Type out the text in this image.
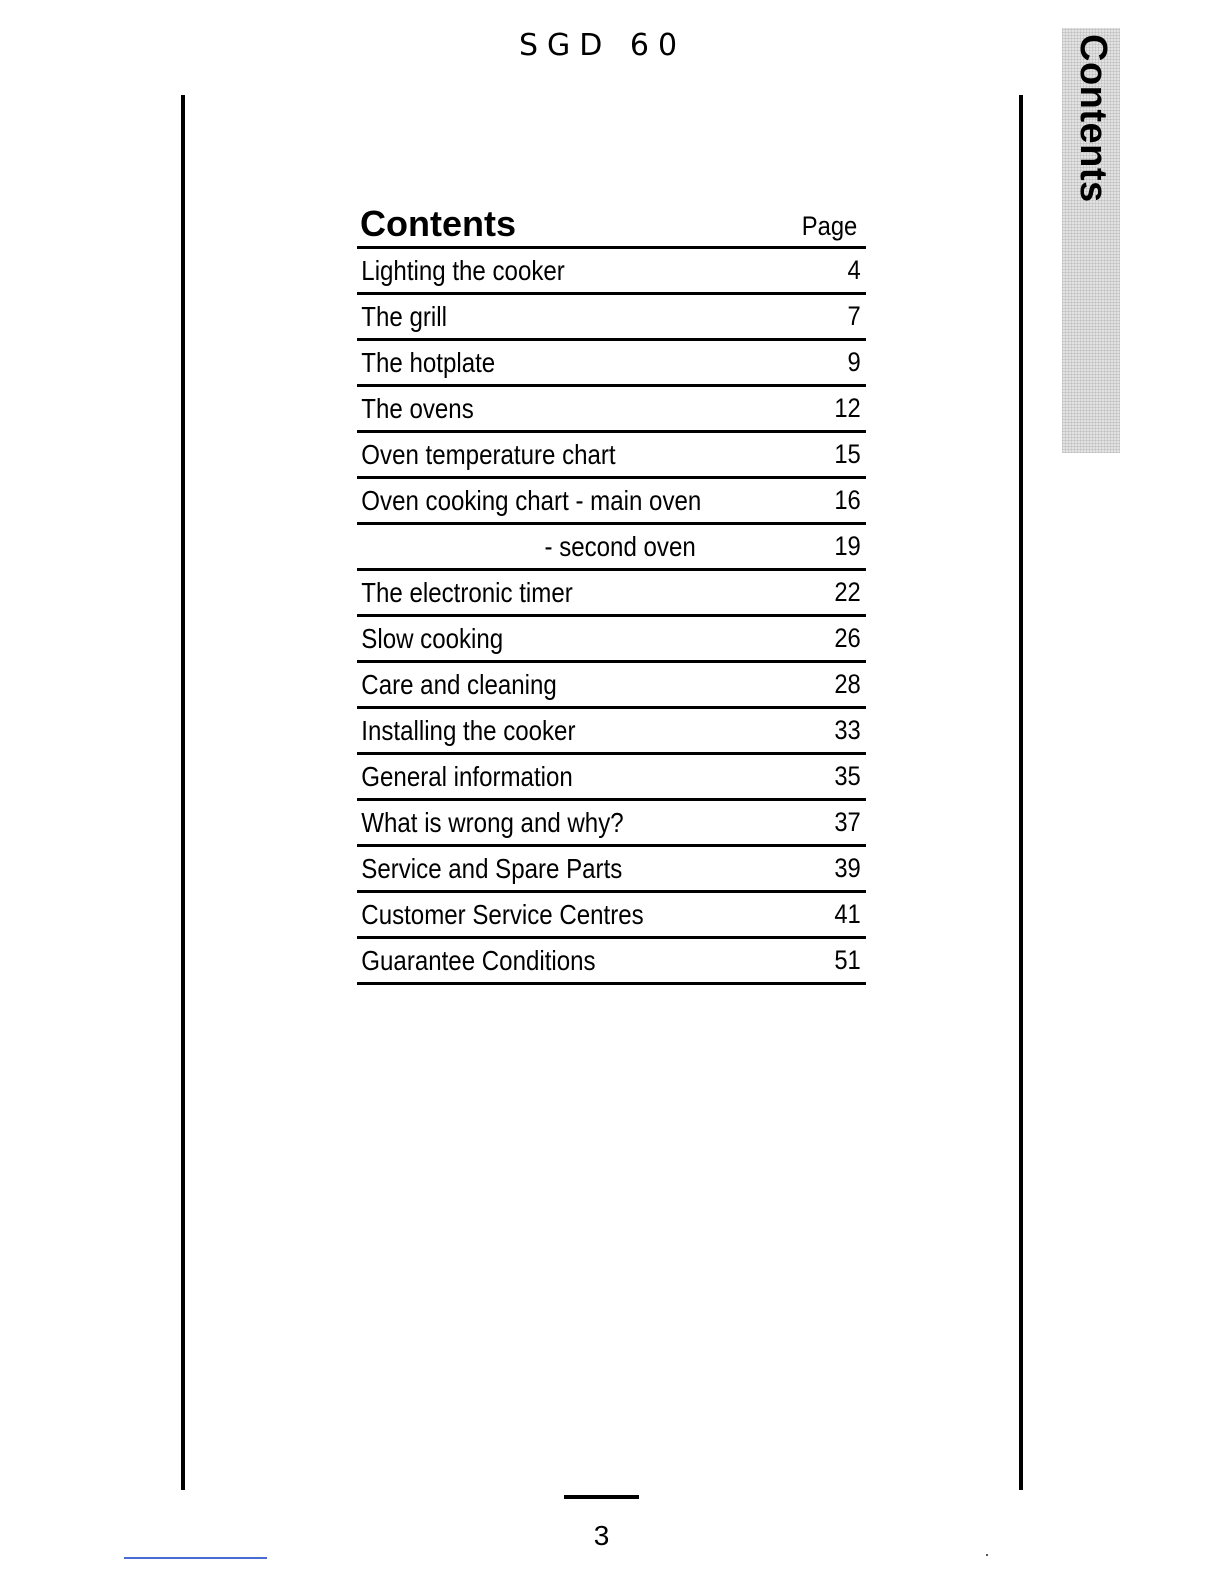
SGD 60	Contents
Contents	Page
Lighting the cooker	4
The grill	7
The hotplate	9
The ovens	12
Oven temperature chart	15
Oven cooking chart - main oven	16
- second oven	19
The electronic timer	22
Slow cooking	26
Care and cleaning	28
Installing the cooker	33
General information	35
What is wrong and why?	37
Service and Spare Parts	39
Customer Service Centres	41
Guarantee Conditions	51
3
